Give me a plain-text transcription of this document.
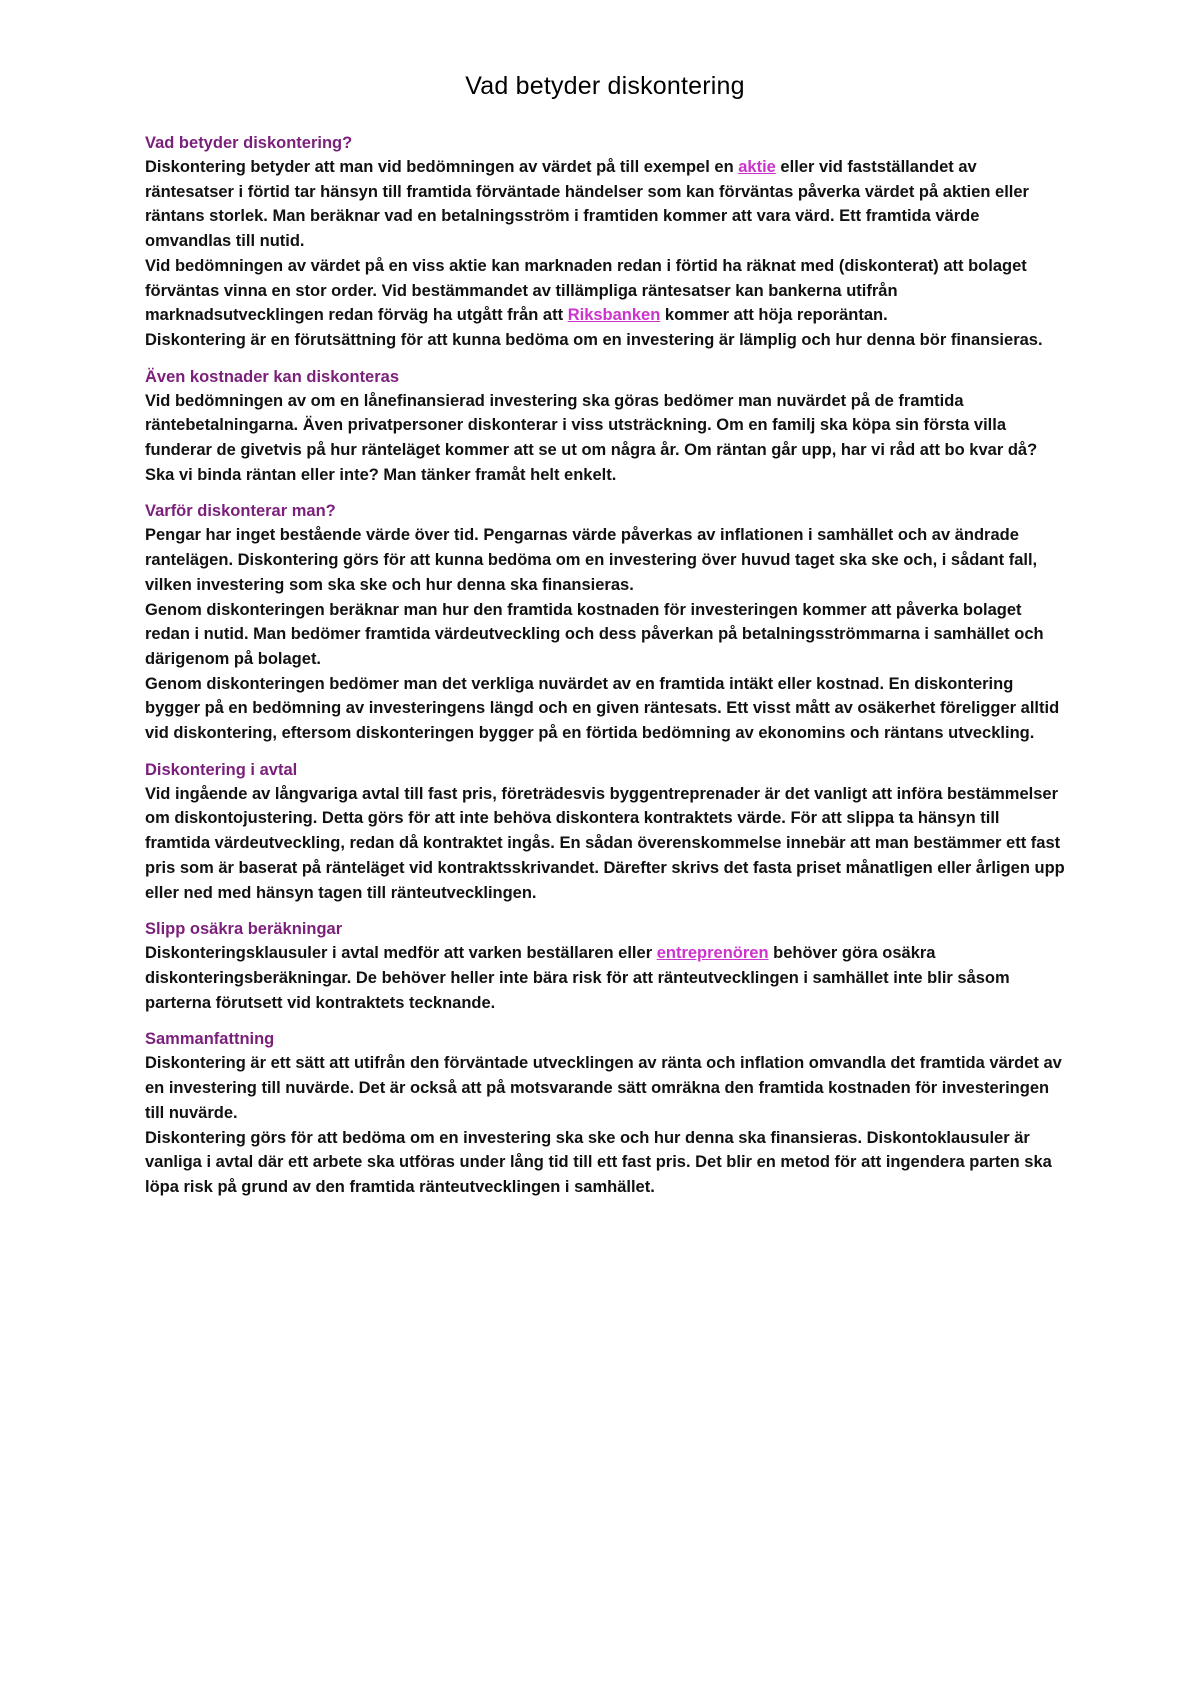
Vad betyder diskontering

Vad betyder diskontering?

Diskontering betyder att man vid bedömningen av värdet på till exempel en aktie eller vid fastställandet av räntesatser i förtid tar hänsyn till framtida förväntade händelser som kan förväntas påverka värdet på aktien eller räntans storlek. Man beräknar vad en betalningsström i framtiden kommer att vara värd. Ett framtida värde omvandlas till nutid.

Vid bedömningen av värdet på en viss aktie kan marknaden redan i förtid ha räknat med (diskonterat) att bolaget förväntas vinna en stor order. Vid bestämmandet av tillämpliga räntesatser kan bankerna utifrån marknadsutvecklingen redan förväg ha utgått från att Riksbanken kommer att höja reporäntan.

Diskontering är en förutsättning för att kunna bedöma om en investering är lämplig och hur denna bör finansieras.

Även kostnader kan diskonteras

Vid bedömningen av om en lånefinansierad investering ska göras bedömer man nuvärdet på de framtida räntebetalningarna. Även privatpersoner diskonterar i viss utsträckning. Om en familj ska köpa sin första villa funderar de givetvis på hur ränteläget kommer att se ut om några år. Om räntan går upp, har vi råd att bo kvar då? Ska vi binda räntan eller inte? Man tänker framåt helt enkelt.

Varför diskonterar man?

Pengar har inget bestående värde över tid. Pengarnas värde påverkas av inflationen i samhället och av ändrade rantelägen. Diskontering görs för att kunna bedöma om en investering över huvud taget ska ske och, i sådant fall, vilken investering som ska ske och hur denna ska finansieras.

Genom diskonteringen beräknar man hur den framtida kostnaden för investeringen kommer att påverka bolaget redan i nutid. Man bedömer framtida värdeutveckling och dess påverkan på betalningsströmmarna i samhället och därigenom på bolaget.

Genom diskonteringen bedömer man det verkliga nuvärdet av en framtida intäkt eller kostnad. En diskontering bygger på en bedömning av investeringens längd och en given räntesats. Ett visst mått av osäkerhet föreligger alltid vid diskontering, eftersom diskonteringen bygger på en förtida bedömning av ekonomins och räntans utveckling.

Diskontering i avtal

Vid ingående av långvariga avtal till fast pris, företrädesvis byggentreprenader är det vanligt att införa bestämmelser om diskontojustering. Detta görs för att inte behöva diskontera kontraktets värde. För att slippa ta hänsyn till framtida värdeutveckling, redan då kontraktet ingås. En sådan överenskommelse innebär att man bestämmer ett fast pris som är baserat på ränteläget vid kontraktsskrivandet. Därefter skrivs det fasta priset månatligen eller årligen upp eller ned med hänsyn tagen till ränteutvecklingen.

Slipp osäkra beräkningar

Diskonteringsklausuler i avtal medför att varken beställaren eller entreprenören behöver göra osäkra diskonteringsberäkningar. De behöver heller inte bära risk för att ränteutvecklingen i samhället inte blir såsom parterna förutsett vid kontraktets tecknande.

Sammanfattning

Diskontering är ett sätt att utifrån den förväntade utvecklingen av ränta och inflation omvandla det framtida värdet av en investering till nuvärde. Det är också att på motsvarande sätt omräkna den framtida kostnaden för investeringen till nuvärde.

Diskontering görs för att bedöma om en investering ska ske och hur denna ska finansieras. Diskontoklausuler är vanliga i avtal där ett arbete ska utföras under lång tid till ett fast pris. Det blir en metod för att ingendera parten ska löpa risk på grund av den framtida ränteutvecklingen i samhället.
